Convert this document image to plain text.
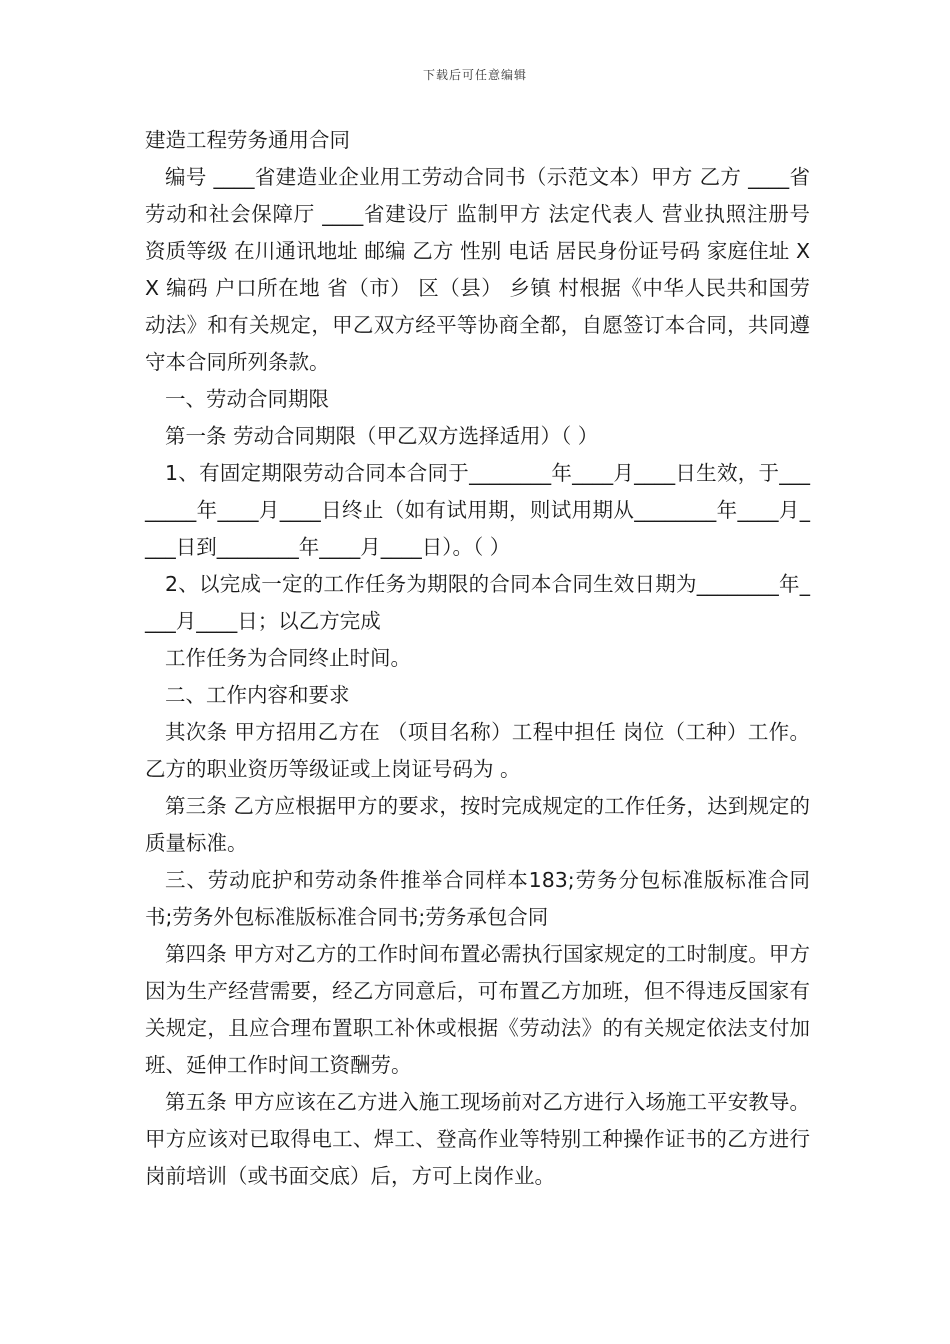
下载后可任意编辑

建造工程劳务通用合同

编号 ____省建造业企业用工劳动合同书（示范文本）甲方 乙方 ____省劳动和社会保障厅 ____省建设厅 监制甲方 法定代表人 营业执照注册号 资质等级 在川通讯地址 邮编 乙方 性别 电话 居民身份证号码 家庭住址 XX 编码 户口所在地 省（市） 区（县） 乡镇 村根据《中华人民共和国劳动法》和有关规定，甲乙双方经平等协商全都，自愿签订本合同，共同遵守本合同所列条款。

一、劳动合同期限

第一条 劳动合同期限（甲乙双方选择适用）（ ）

1、有固定期限劳动合同本合同于________年____月____日生效，于________年____月____日终止（如有试用期，则试用期从________年____月____日到________年____月____日）。（ ）

2、以完成一定的工作任务为期限的合同本合同生效日期为________年____月____日；以乙方完成

工作任务为合同终止时间。

二、工作内容和要求

其次条 甲方招用乙方在 （项目名称）工程中担任 岗位（工种）工作。乙方的职业资历等级证或上岗证号码为 。

第三条 乙方应根据甲方的要求，按时完成规定的工作任务，达到规定的质量标准。

三、劳动庇护和劳动条件推举合同样本183;劳务分包标准版标准合同书;劳务外包标准版标准合同书;劳务承包合同

第四条 甲方对乙方的工作时间布置必需执行国家规定的工时制度。甲方因为生产经营需要，经乙方同意后，可布置乙方加班，但不得违反国家有关规定，且应合理布置职工补休或根据《劳动法》的有关规定依法支付加班、延伸工作时间工资酬劳。

第五条 甲方应该在乙方进入施工现场前对乙方进行入场施工平安教导。甲方应该对已取得电工、焊工、登高作业等特别工种操作证书的乙方进行岗前培训（或书面交底）后，方可上岗作业。
